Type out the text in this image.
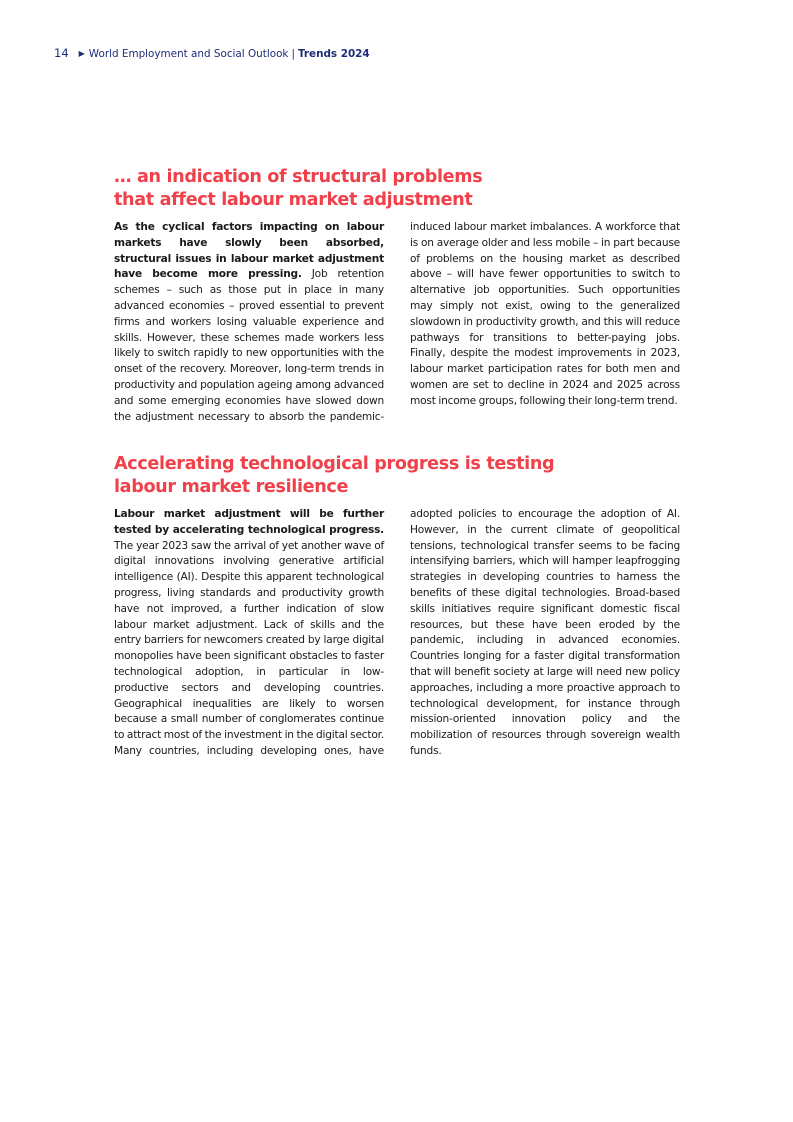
14 ▶ World Employment and Social Outlook | Trends 2024
… an indication of structural problems
that affect labour market adjustment

As the cyclical factors impacting on labour markets have slowly been absorbed, structural issues in labour market adjustment have become more pressing. Job retention schemes – such as those put in place in many advanced economies – proved essential to prevent firms and workers losing valuable experience and skills. However, these schemes made workers less likely to switch rapidly to new opportunities with the onset of the recovery. Moreover, long-term trends in productivity and population ageing among advanced and some emerging economies have slowed down the adjustment necessary to absorb the pandemic-induced labour market imbalances. A workforce that is on average older and less mobile – in part because of problems on the housing market as described above – will have fewer opportunities to switch to alternative job opportunities. Such opportunities may simply not exist, owing to the generalized slowdown in productivity growth, and this will reduce pathways for transitions to better-paying jobs. Finally, despite the modest improvements in 2023, labour market participation rates for both men and women are set to decline in 2024 and 2025 across most income groups, following their long-term trend.

Accelerating technological progress is testing
labour market resilience

Labour market adjustment will be further tested by accelerating technological progress. The year 2023 saw the arrival of yet another wave of digital innovations involving generative artificial intelligence (AI). Despite this apparent technological progress, living standards and productivity growth have not improved, a further indication of slow labour market adjustment. Lack of skills and the entry barriers for newcomers created by large digital monopolies have been significant obstacles to faster technological adoption, in particular in low-productive sectors and developing countries. Geographical inequalities are likely to worsen because a small number of conglomerates continue to attract most of the investment in the digital sector. Many countries, including developing ones, have adopted policies to encourage the adoption of AI. However, in the current climate of geopolitical tensions, technological transfer seems to be facing intensifying barriers, which will hamper leapfrogging strategies in developing countries to harness the benefits of these digital technologies. Broad-based skills initiatives require significant domestic fiscal resources, but these have been eroded by the pandemic, including in advanced economies. Countries longing for a faster digital transformation that will benefit society at large will need new policy approaches, including a more proactive approach to technological development, for instance through mission-oriented innovation policy and the mobilization of resources through sovereign wealth funds.
